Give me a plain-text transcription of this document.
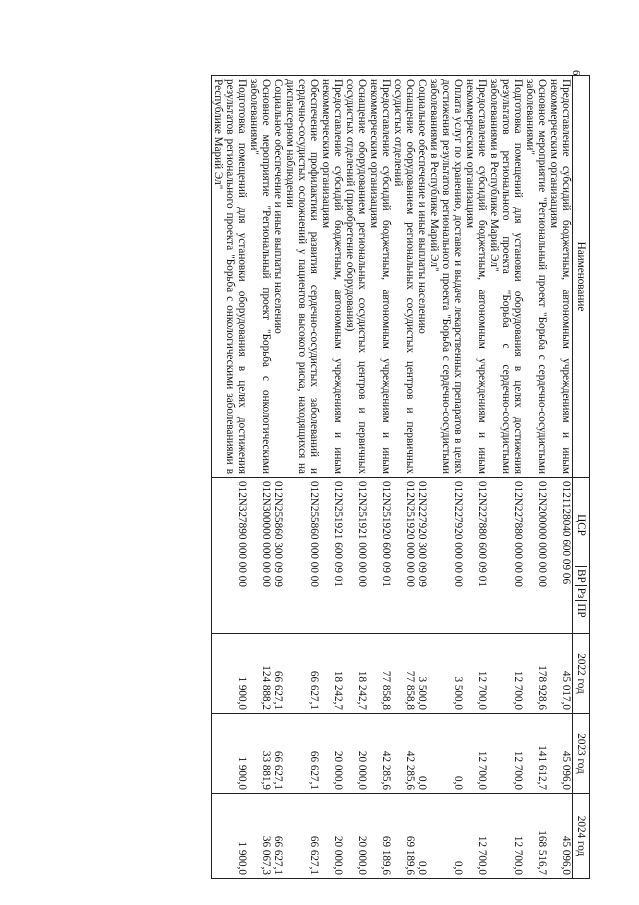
6
Наименование	ЦСРВРРзПР	2022 год	2023 год	2024 год
Предоставление субсидий бюджетным, автономным учреждениям и иным некоммерческим организациям	0121128040 600 09 06	45 017,0	45 096,0	45 096,0

Основное мероприятие "Региональный проект "Борьба с сердечно-сосудистыми заболеваниями"	012N200000 000 00 00	178 928,6	141 612,7	168 516,7

Подготовка помещений для установки оборудования в целях достижения результатов регионального проекта "Борьба с сердечно-сосудистыми заболеваниями в Республике Марий Эл"	012N227880 000 00 00	12 700,0	12 700,0	12 700,0

Предоставление субсидий бюджетным, автономным учреждениям и иным некоммерческим организациям	012N227880 600 09 01	12 700,0	12 700,0	12 700,0

Оплата услуг по хранению, доставке и выдаче лекарственных препаратов в целях достижения результатов регионального проекта "Борьба с сердечно-сосудистыми заболеваниями в Республике Марий Эл"	012N227920 000 00 00	3 500,0	0,0	0,0

Социальное обеспечение и иные выплаты населению	012N227920 300 09 09	3 500,0	0,0	0,0

Оснащение оборудованием региональных сосудистых центров и первичных сосудистых отделений	012N251920 000 00 00	77 858,8	42 285,6	69 189,6

Предоставление субсидий бюджетным, автономным учреждениям и иным некоммерческим организациям	012N251920 600 09 01	77 858,8	42 285,6	69 189,6

Оснащение оборудованием региональных сосудистых центров и первичных сосудистых отделений (приобретение оборудования)	012N251921 000 00 00	18 242,7	20 000,0	20 000,0

Предоставление субсидий бюджетным, автономным учреждениям и иным некоммерческим организациям	012N251921 600 09 01	18 242,7	20 000,0	20 000,0

Обеспечение профилактики развития сердечно-сосудистых заболеваний и сердечно-сосудистых осложнений у пациентов высокого риска, находящихся на диспансерном наблюдении	012N255860 000 00 00	66 627,1	66 627,1	66 627,1

Социальное обеспечение и иные выплаты населению	012N255860 300 09 09	66 627,1	66 627,1	66 627,1

Основное мероприятие "Региональный проект "Борьба с онкологическими заболеваниями"	012N300000 000 00 00	124 888,2	33 881,9	36 067,3

Подготовка помещений для установки оборудования в целях достижения результатов регионального проекта "Борьба с онкологическими заболеваниями в Республике Марий Эл"	012N327890 000 00 00	1 900,0	1 900,0	1 900,0
